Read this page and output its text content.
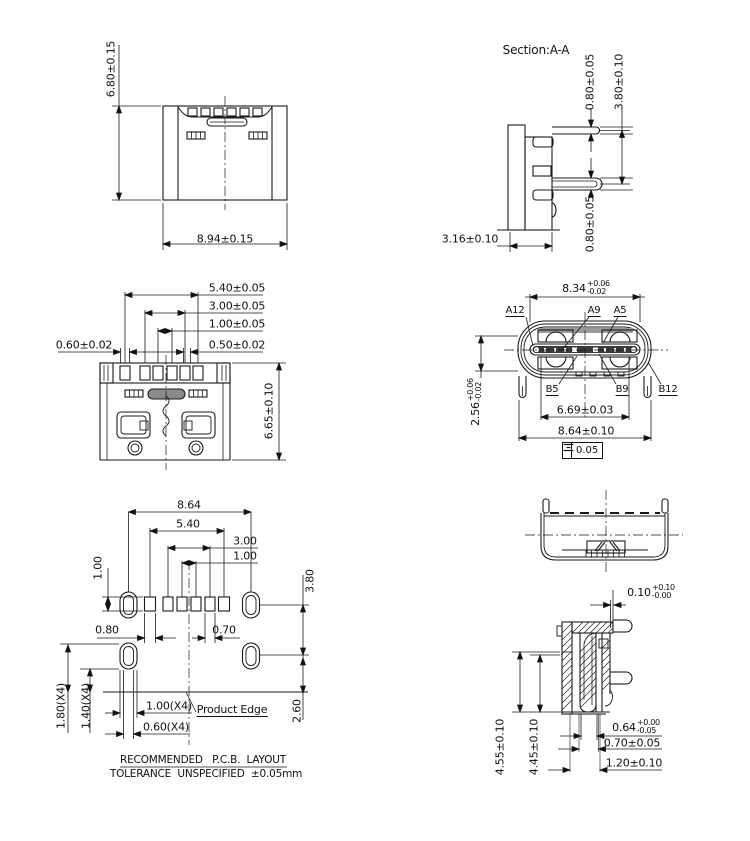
6.80±0.15
8.94±0.15
Section:A-A
0.80±0.05 3.80±0.10
0.80±0.05
3.16±0.10
5.40±0.05
3.00±0.05
1.00±0.05
0.50±0.02
0.60±0.02
6.65±0.10
8.34 +0.06
-0.02
A12	A9 A5
B5	B9	B12
2.56
+0.06 -0.02
6.69±0.03
8.64±0.10
0.05
8.64
5.40
3.00
1.00
1.00
3.80
0.80	0.70
1.80(X4) 1.40(X4)	1.00(X4) Product Edge
0.60(X4)
2.60
RECOMMENDED   P.C.B.  LAYOUT
TOLERANCE  UNSPECIFIED  ±0.05mm
0.10 +0.10
-0.00
4.55±0.10 4.45±0.10	0.64 +0.00
-0.05
0.70±0.05
1.20±0.10
